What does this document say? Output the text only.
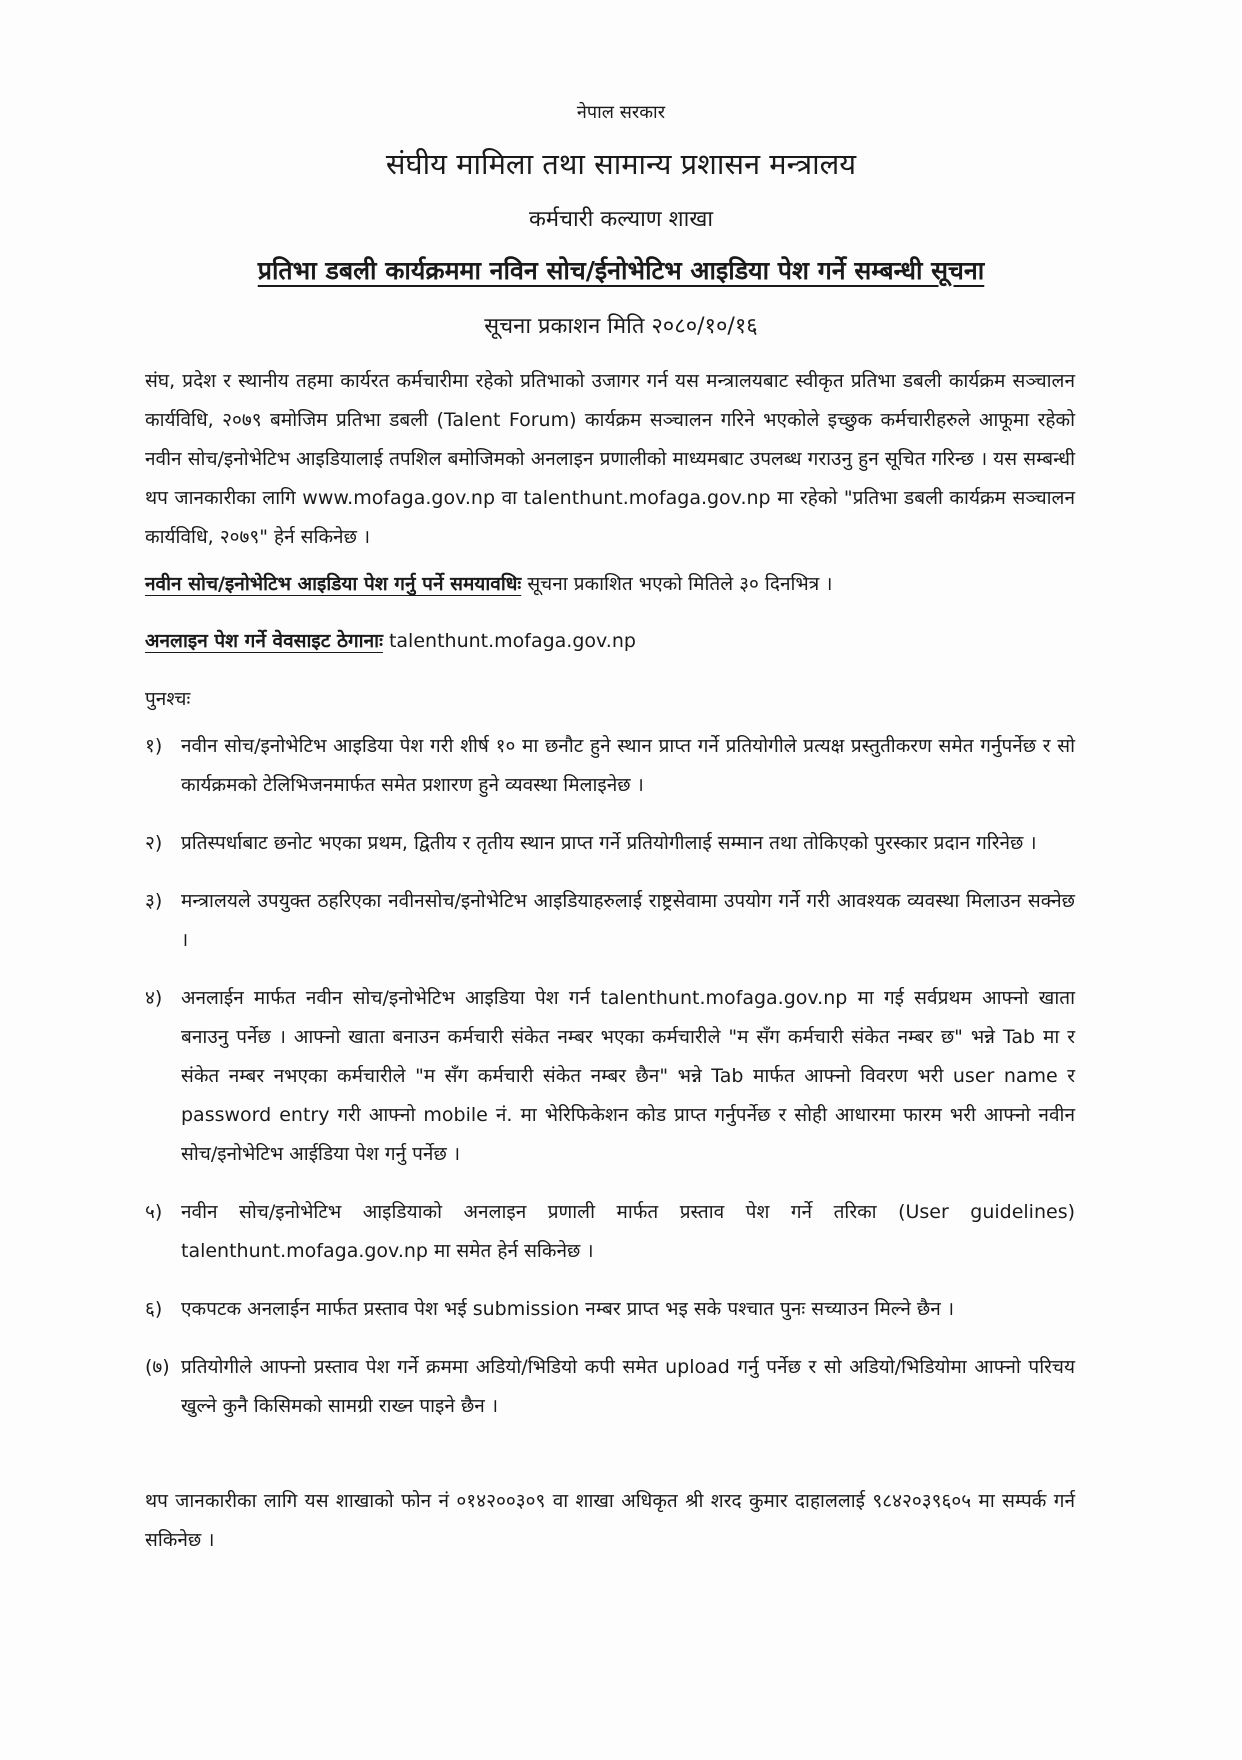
नेपाल सरकार
संघीय मामिला तथा सामान्य प्रशासन मन्त्रालय
कर्मचारी कल्याण शाखा
प्रतिभा डबली कार्यक्रममा नविन सोच/ईनोभेटिभ आइडिया पेश गर्ने सम्बन्धी सूचना
सूचना प्रकाशन मिति २०८०/१०/१६
संघ, प्रदेश र स्थानीय तहमा कार्यरत कर्मचारीमा रहेको प्रतिभाको उजागर गर्न यस मन्त्रालयबाट स्वीकृत प्रतिभा डबली कार्यक्रम सञ्चालन कार्यविधि, २०७९ बमोजिम प्रतिभा डबली (Talent Forum) कार्यक्रम सञ्चालन गरिने भएकोले इच्छुक कर्मचारीहरुले आफूमा रहेको नवीन सोच/इनोभेटिभ आइडियालाई तपशिल बमोजिमको अनलाइन प्रणालीको माध्यमबाट उपलब्ध गराउनु हुन सूचित गरिन्छ । यस सम्बन्धी थप जानकारीका लागि www.mofaga.gov.np वा talenthunt.mofaga.gov.np मा रहेको "प्रतिभा डबली कार्यक्रम सञ्चालन कार्यविधि, २०७९" हेर्न सकिनेछ ।
नवीन सोच/इनोभेटिभ आइडिया पेश गर्नु पर्ने समयावधिः सूचना प्रकाशित भएको मितिले ३० दिनभित्र ।
अनलाइन पेश गर्ने वेवसाइट ठेगानाः talenthunt.mofaga.gov.np
पुनश्चः
१) नवीन सोच/इनोभेटिभ आइडिया पेश गरी शीर्ष १० मा छनौट हुने स्थान प्राप्त गर्ने प्रतियोगीले प्रत्यक्ष प्रस्तुतीकरण समेत गर्नुपर्नेछ र सो कार्यक्रमको टेलिभिजनमार्फत समेत प्रशारण हुने व्यवस्था मिलाइनेछ ।
२) प्रतिस्पर्धाबाट छनोट भएका प्रथम, द्वितीय र तृतीय स्थान प्राप्त गर्ने प्रतियोगीलाई सम्मान तथा तोकिएको पुरस्कार प्रदान गरिनेछ ।
३) मन्त्रालयले उपयुक्त ठहरिएका नवीनसोच/इनोभेटिभ आइडियाहरुलाई राष्ट्रसेवामा उपयोग गर्ने गरी आवश्यक व्यवस्था मिलाउन सक्नेछ ।
४) अनलाईन मार्फत नवीन सोच/इनोभेटिभ आइडिया पेश गर्न talenthunt.mofaga.gov.np मा गई सर्वप्रथम आफ्नो खाता बनाउनु पर्नेछ । आफ्नो खाता बनाउन कर्मचारी संकेत नम्बर भएका कर्मचारीले "म सँग कर्मचारी संकेत नम्बर छ" भन्ने Tab मा र संकेत नम्बर नभएका कर्मचारीले "म सँग कर्मचारी संकेत नम्बर छैन" भन्ने Tab मार्फत आफ्नो विवरण भरी user name र password entry गरी आफ्नो mobile नं. मा भेरिफिकेशन कोड प्राप्त गर्नुपर्नेछ र सोही आधारमा फारम भरी आफ्नो नवीन सोच/इनोभेटिभ आईडिया पेश गर्नु पर्नेछ ।
५) नवीन सोच/इनोभेटिभ आइडियाको अनलाइन प्रणाली मार्फत प्रस्ताव पेश गर्ने तरिका (User guidelines) talenthunt.mofaga.gov.np मा समेत हेर्न सकिनेछ ।
६) एकपटक अनलाईन मार्फत प्रस्ताव पेश भई submission नम्बर प्राप्त भइ सके पश्चात पुनः सच्याउन मिल्ने छैन ।
(७) प्रतियोगीले आफ्नो प्रस्ताव पेश गर्ने क्रममा अडियो/भिडियो कपी समेत upload गर्नु पर्नेछ र सो अडियो/भिडियोमा आफ्नो परिचय खुल्ने कुनै किसिमको सामग्री राख्न पाइने छैन ।
थप जानकारीका लागि यस शाखाको फोन नं ०१४२००३०९ वा शाखा अधिकृत श्री शरद कुमार दाहाललाई ९८४२०३९६०५ मा सम्पर्क गर्न सकिनेछ ।
